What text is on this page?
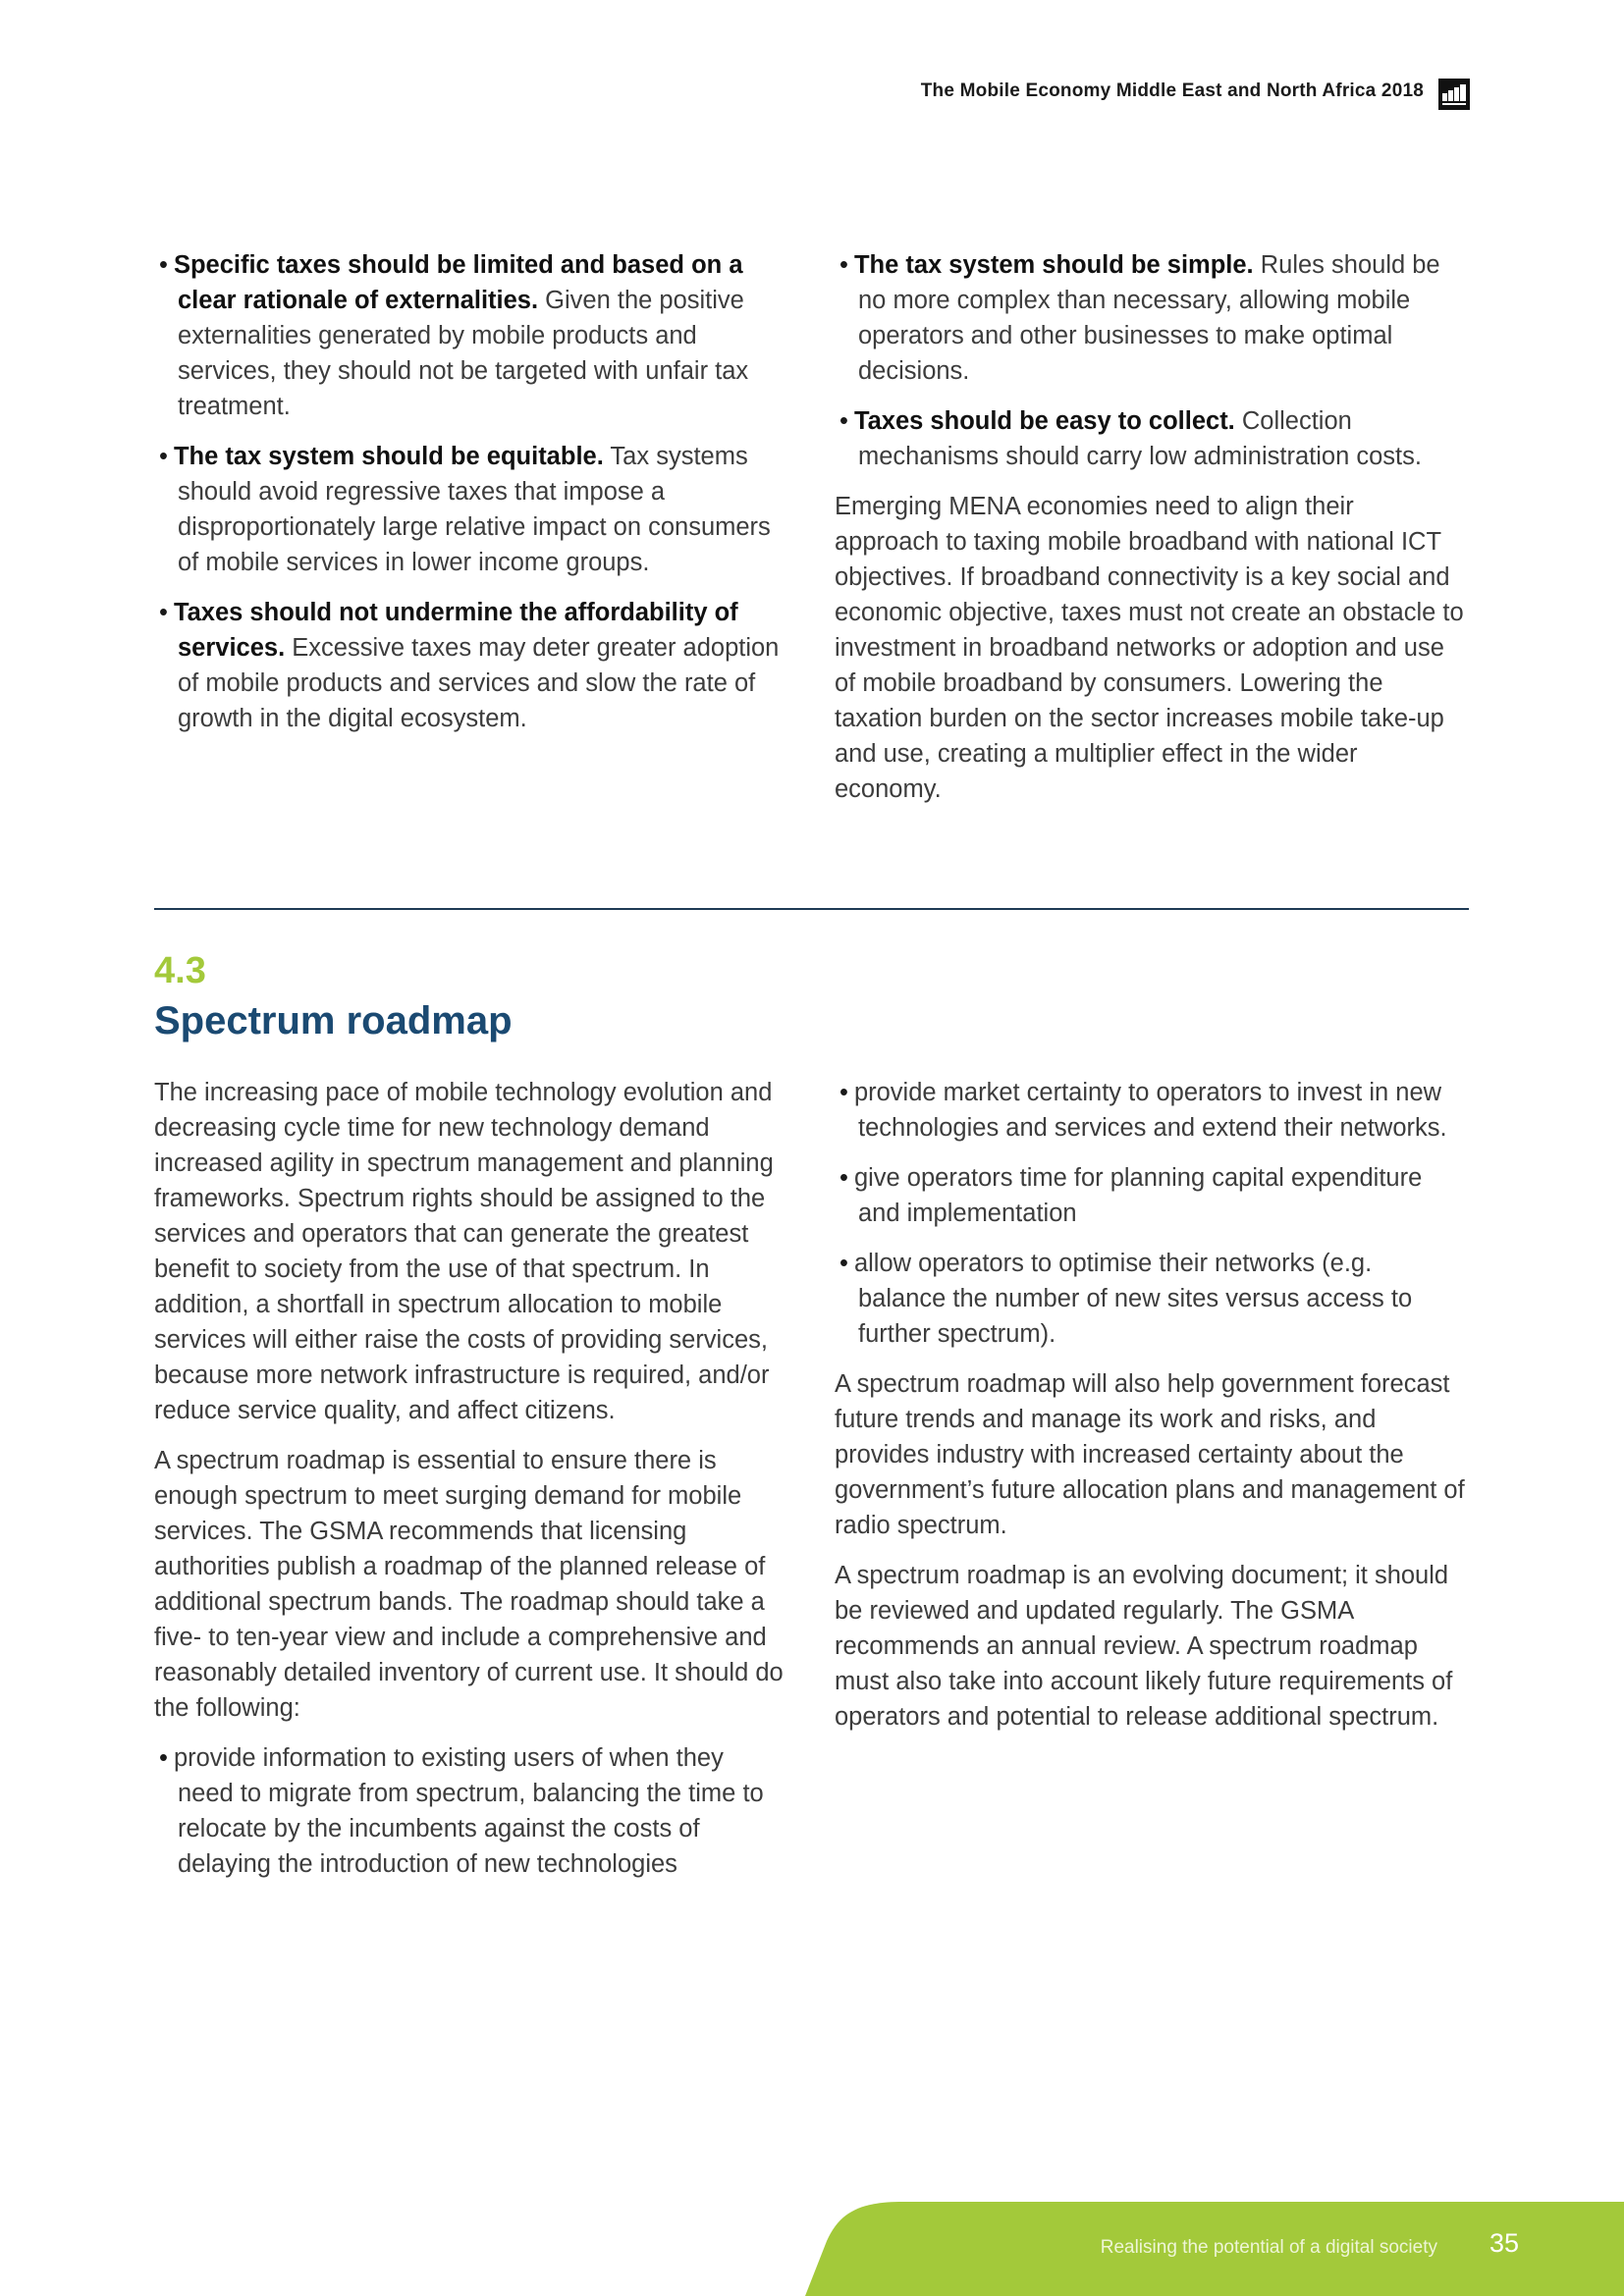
The Mobile Economy Middle East and North Africa 2018
• Specific taxes should be limited and based on a clear rationale of externalities. Given the positive externalities generated by mobile products and services, they should not be targeted with unfair tax treatment.
• The tax system should be equitable. Tax systems should avoid regressive taxes that impose a disproportionately large relative impact on consumers of mobile services in lower income groups.
• Taxes should not undermine the affordability of services. Excessive taxes may deter greater adoption of mobile products and services and slow the rate of growth in the digital ecosystem.
• The tax system should be simple. Rules should be no more complex than necessary, allowing mobile operators and other businesses to make optimal decisions.
• Taxes should be easy to collect. Collection mechanisms should carry low administration costs.

Emerging MENA economies need to align their approach to taxing mobile broadband with national ICT objectives. If broadband connectivity is a key social and economic objective, taxes must not create an obstacle to investment in broadband networks or adoption and use of mobile broadband by consumers. Lowering the taxation burden on the sector increases mobile take-up and use, creating a multiplier effect in the wider economy.

4.3
Spectrum roadmap

The increasing pace of mobile technology evolution and decreasing cycle time for new technology demand increased agility in spectrum management and planning frameworks. Spectrum rights should be assigned to the services and operators that can generate the greatest benefit to society from the use of that spectrum. In addition, a shortfall in spectrum allocation to mobile services will either raise the costs of providing services, because more network infrastructure is required, and/or reduce service quality, and affect citizens.

A spectrum roadmap is essential to ensure there is enough spectrum to meet surging demand for mobile services. The GSMA recommends that licensing authorities publish a roadmap of the planned release of additional spectrum bands. The roadmap should take a five- to ten-year view and include a comprehensive and reasonably detailed inventory of current use. It should do the following:

• provide information to existing users of when they need to migrate from spectrum, balancing the time to relocate by the incumbents against the costs of delaying the introduction of new technologies
• provide market certainty to operators to invest in new technologies and services and extend their networks.
• give operators time for planning capital expenditure and implementation
• allow operators to optimise their networks (e.g. balance the number of new sites versus access to further spectrum).

A spectrum roadmap will also help government forecast future trends and manage its work and risks, and provides industry with increased certainty about the government’s future allocation plans and management of radio spectrum.

A spectrum roadmap is an evolving document; it should be reviewed and updated regularly. The GSMA recommends an annual review. A spectrum roadmap must also take into account likely future requirements of operators and potential to release additional spectrum.

Realising the potential of a digital society 35
